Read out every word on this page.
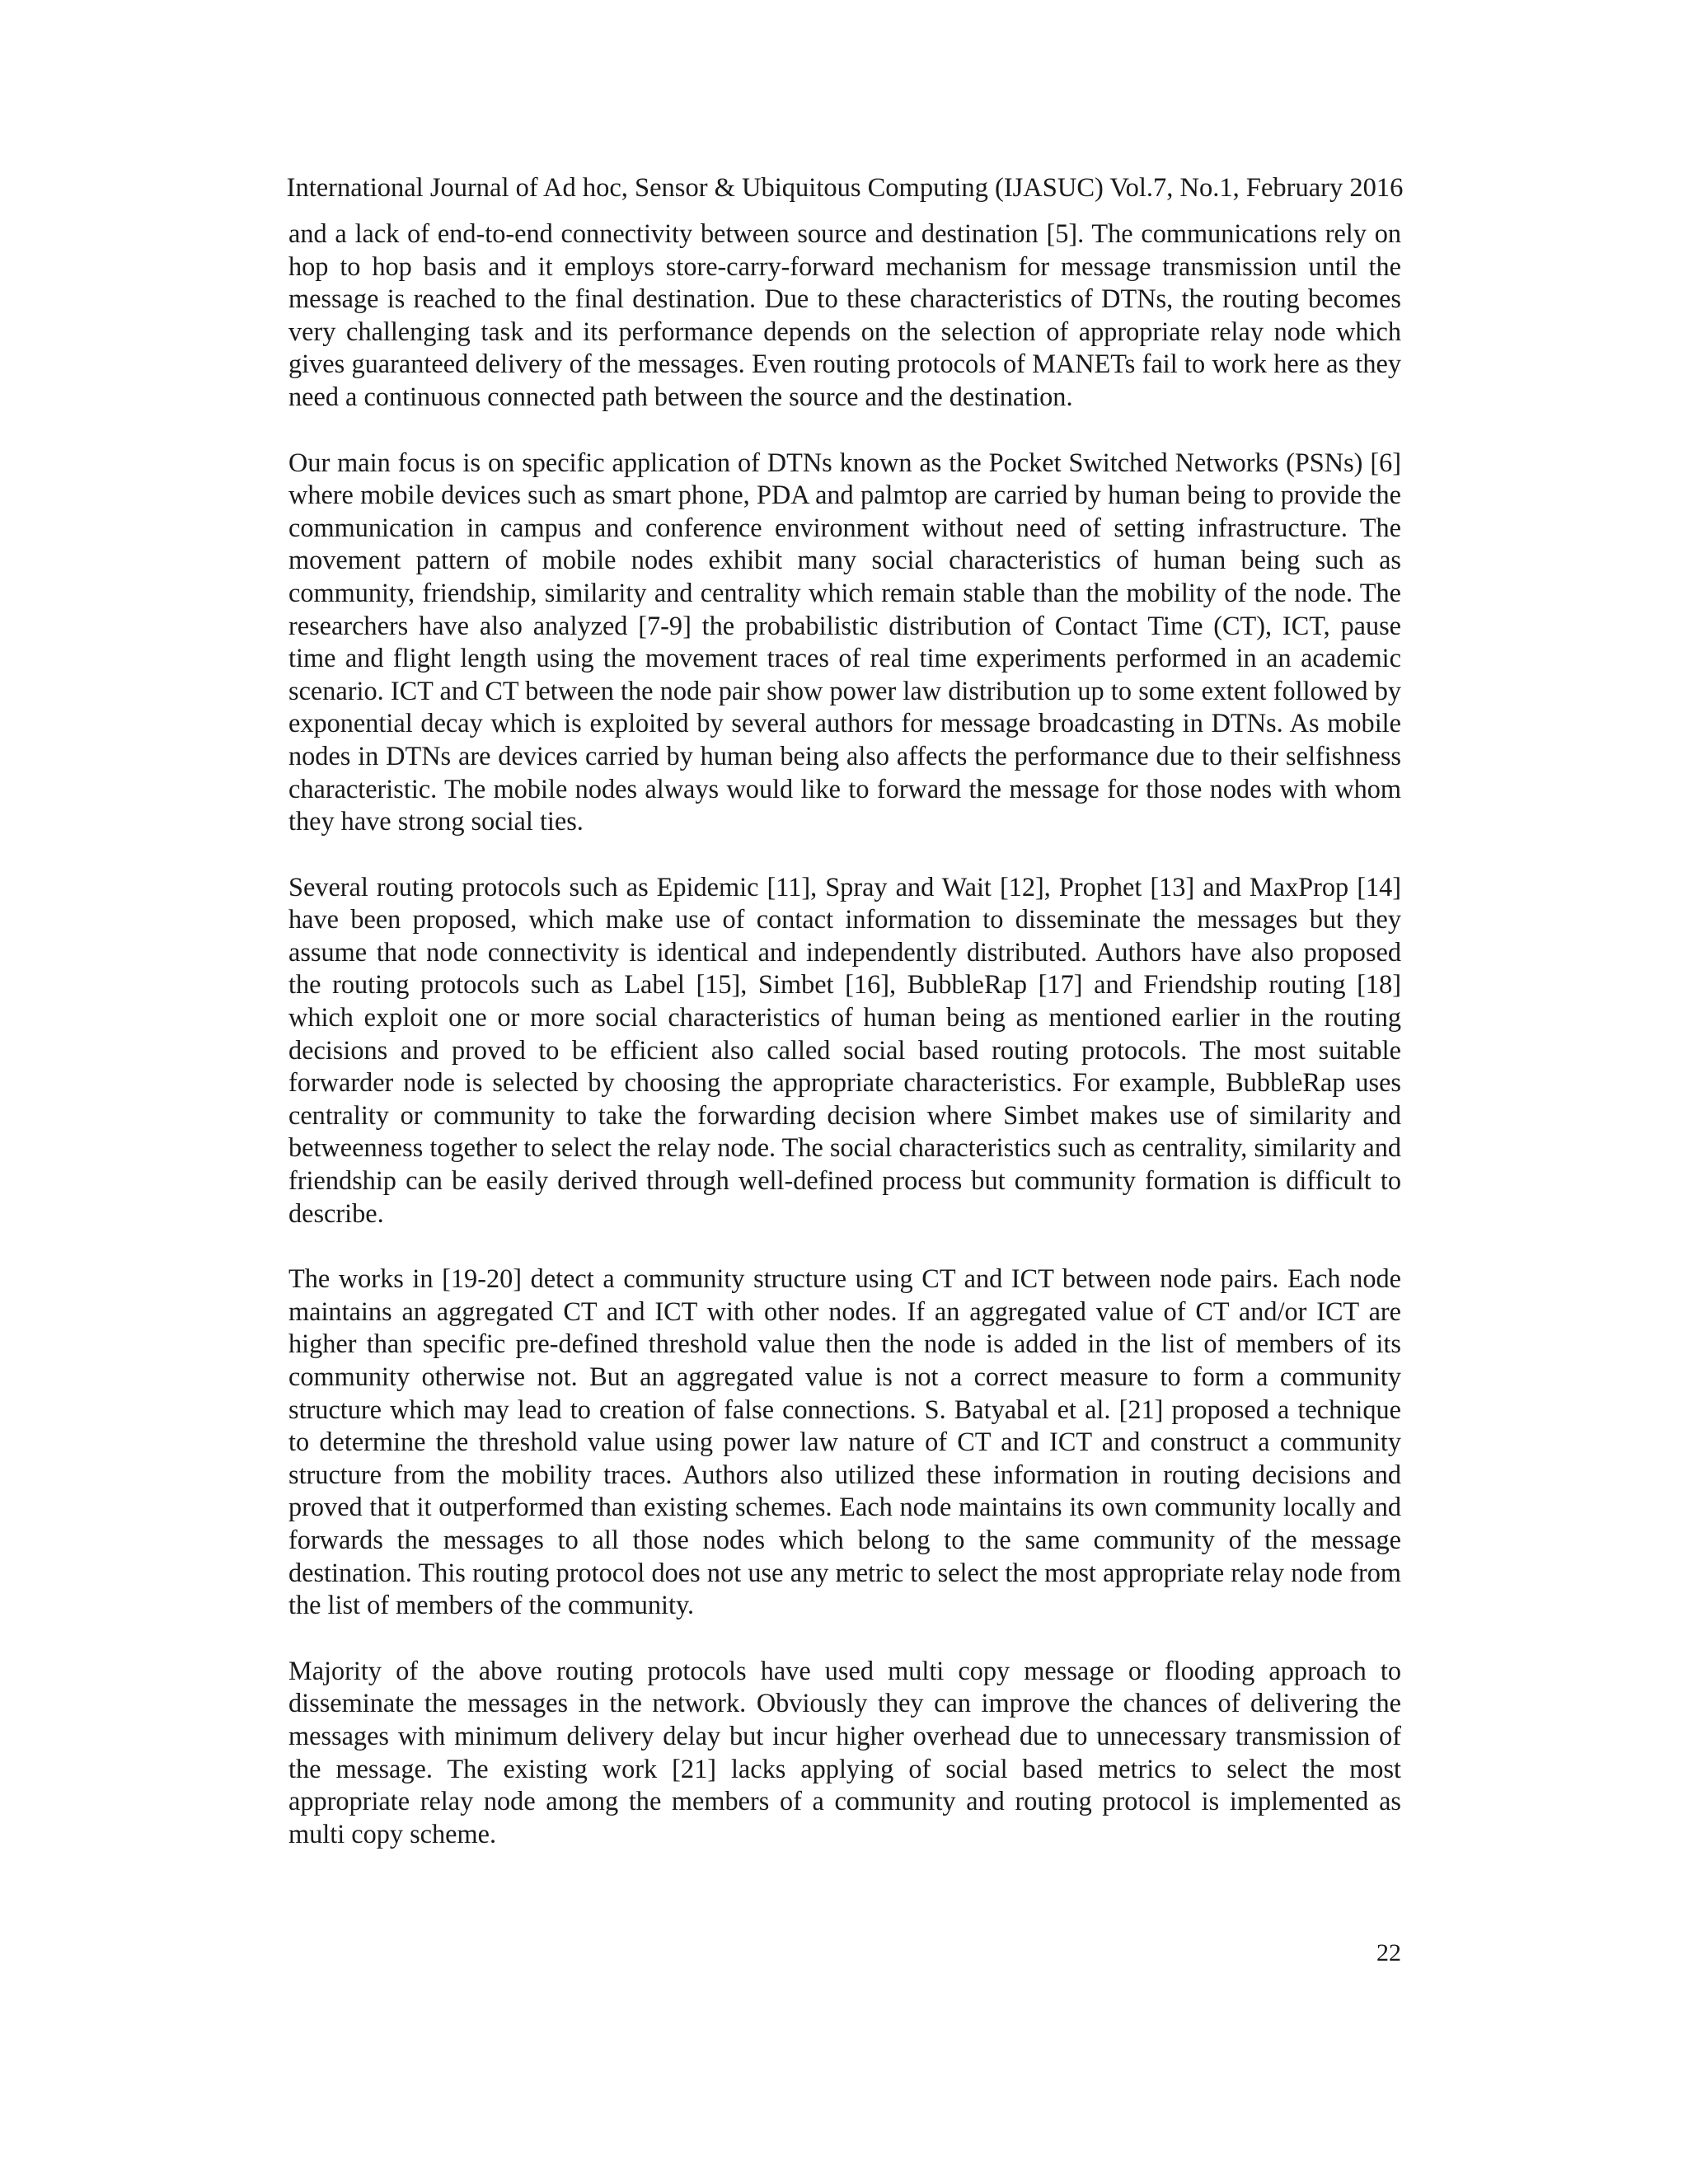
International Journal of Ad hoc, Sensor & Ubiquitous Computing (IJASUC) Vol.7, No.1, February 2016

and a lack of end-to-end connectivity between source and destination [5]. The communications rely on hop to hop basis and it employs store-carry-forward mechanism for message transmission until the message is reached to the final destination. Due to these characteristics of DTNs, the routing becomes very challenging task and its performance depends on the selection of appropriate relay node which gives guaranteed delivery of the messages. Even routing protocols of MANETs fail to work here as they need a continuous connected path between the source and the destination.

Our main focus is on specific application of DTNs known as the Pocket Switched Networks (PSNs) [6] where mobile devices such as smart phone, PDA and palmtop are carried by human being to provide the communication in campus and conference environment without need of setting infrastructure. The movement pattern of mobile nodes exhibit many social characteristics of human being such as community, friendship, similarity and centrality which remain stable than the mobility of the node. The researchers have also analyzed [7-9] the probabilistic distribution of Contact Time (CT), ICT, pause time and flight length using the movement traces of real time experiments performed in an academic scenario. ICT and CT between the node pair show power law distribution up to some extent followed by exponential decay which is exploited by several authors for message broadcasting in DTNs. As mobile nodes in DTNs are devices carried by human being also affects the performance due to their selfishness characteristic. The mobile nodes always would like to forward the message for those nodes with whom they have strong social ties.

Several routing protocols such as Epidemic [11], Spray and Wait [12], Prophet [13] and MaxProp [14] have been proposed, which make use of contact information to disseminate the messages but they assume that node connectivity is identical and independently distributed. Authors have also proposed the routing protocols such as Label [15], Simbet [16], BubbleRap [17] and Friendship routing [18] which exploit one or more social characteristics of human being as mentioned earlier in the routing decisions and proved to be efficient also called social based routing protocols. The most suitable forwarder node is selected by choosing the appropriate characteristics. For example, BubbleRap uses centrality or community to take the forwarding decision where Simbet makes use of similarity and betweenness together to select the relay node. The social characteristics such as centrality, similarity and friendship can be easily derived through well-defined process but community formation is difficult to describe.

The works in [19-20] detect a community structure using CT and ICT between node pairs. Each node maintains an aggregated CT and ICT with other nodes. If an aggregated value of CT and/or ICT are higher than specific pre-defined threshold value then the node is added in the list of members of its community otherwise not. But an aggregated value is not a correct measure to form a community structure which may lead to creation of false connections. S. Batyabal et al. [21] proposed a technique to determine the threshold value using power law nature of CT and ICT and construct a community structure from the mobility traces. Authors also utilized these information in routing decisions and proved that it outperformed than existing schemes. Each node maintains its own community locally and forwards the messages to all those nodes which belong to the same community of the message destination. This routing protocol does not use any metric to select the most appropriate relay node from the list of members of the community.

Majority of the above routing protocols have used multi copy message or flooding approach to disseminate the messages in the network. Obviously they can improve the chances of delivering the messages with minimum delivery delay but incur higher overhead due to unnecessary transmission of the message. The existing work [21] lacks applying of social based metrics to select the most appropriate relay node among the members of a community and routing protocol is implemented as multi copy scheme.

22
